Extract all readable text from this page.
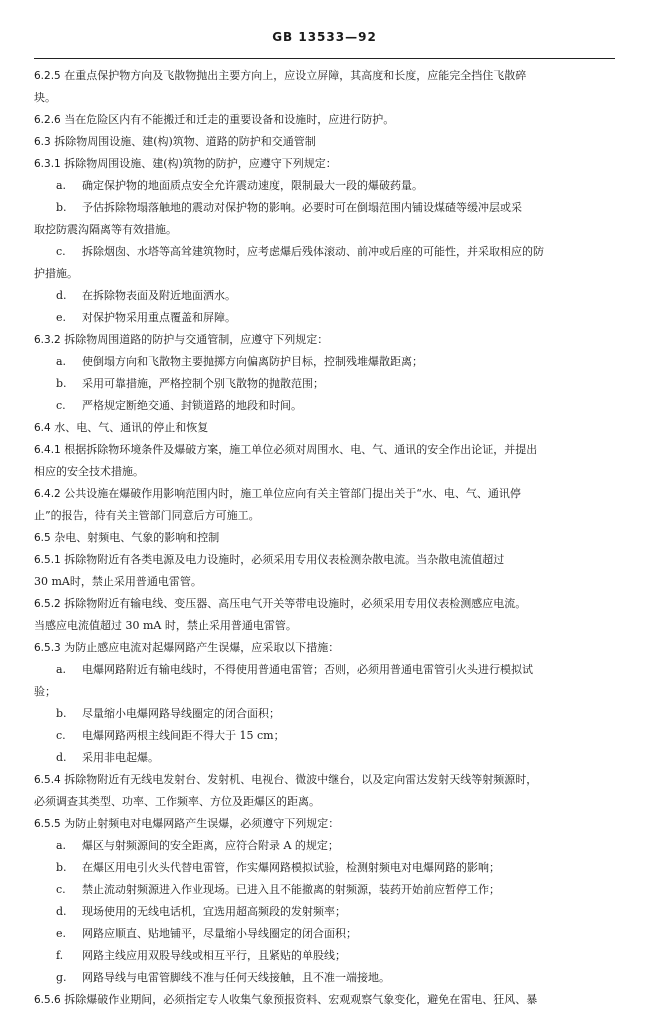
GB 13533—92

6.2.5 在重点保护物方向及飞散物抛出主要方向上，应设立屏障，其高度和长度，应能完全挡住飞散碎

块。

6.2.6 当在危险区内有不能搬迁和迁走的重要设备和设施时，应进行防护。

6.3 拆除物周围设施、建(构)筑物、道路的防护和交通管制

6.3.1 拆除物周围设施、建(构)筑物的防护，应遵守下列规定：

a. 确定保护物的地面质点安全允许震动速度，限制最大一段的爆破药量。

b. 予估拆除物塌落触地的震动对保护物的影响。必要时可在倒塌范围内铺设煤碴等缓冲层或采

取挖防震沟隔离等有效措施。

c. 拆除烟囱、水塔等高耸建筑物时，应考虑爆后残体滚动、前冲或后座的可能性，并采取相应的防

护措施。

d. 在拆除物表面及附近地面洒水。

e. 对保护物采用重点覆盖和屏障。

6.3.2 拆除物周围道路的防护与交通管制，应遵守下列规定：

a. 使倒塌方向和飞散物主要抛掷方向偏离防护目标，控制残堆爆散距离；

b. 采用可靠措施，严格控制个别飞散物的抛散范围；

c. 严格规定断绝交通、封锁道路的地段和时间。

6.4 水、电、气、通讯的停止和恢复

6.4.1 根据拆除物环境条件及爆破方案，施工单位必须对周围水、电、气、通讯的安全作出论证，并提出

相应的安全技术措施。

6.4.2 公共设施在爆破作用影响范围内时，施工单位应向有关主管部门提出关于“水、电、气、通讯停

止”的报告，待有关主管部门同意后方可施工。

6.5 杂电、射频电、气象的影响和控制

6.5.1 拆除物附近有各类电源及电力设施时，必须采用专用仪表检测杂散电流。当杂散电流值超过

30 mA时，禁止采用普通电雷管。

6.5.2 拆除物附近有输电线、变压器、高压电气开关等带电设施时，必须采用专用仪表检测感应电流。

当感应电流值超过 30 mA 时，禁止采用普通电雷管。

6.5.3 为防止感应电流对起爆网路产生误爆，应采取以下措施：

a. 电爆网路附近有输电线时，不得使用普通电雷管；否则，必须用普通电雷管引火头进行模拟试

验；

b. 尽量缩小电爆网路导线圈定的闭合面积；

c. 电爆网路两根主线间距不得大于 15 cm；

d. 采用非电起爆。

6.5.4 拆除物附近有无线电发射台、发射机、电视台、微波中继台，以及定向雷达发射天线等射频源时，

必须调查其类型、功率、工作频率、方位及距爆区的距离。

6.5.5 为防止射频电对电爆网路产生误爆，必须遵守下列规定：

a. 爆区与射频源间的安全距离，应符合附录 A 的规定；

b. 在爆区用电引火头代替电雷管，作实爆网路模拟试验，检测射频电对电爆网路的影响；

c. 禁止流动射频源进入作业现场。已进入且不能撤离的射频源，装药开始前应暂停工作；

d. 现场使用的无线电话机，宜选用超高频段的发射频率；

e. 网路应顺直、贴地铺平，尽量缩小导线圈定的闭合面积；

f. 网路主线应用双股导线或相互平行，且紧贴的单股线；

g. 网路导线与电雷管脚线不准与任何天线接触，且不准一端接地。

6.5.6 拆除爆破作业期间，必须指定专人收集气象预报资料、宏观观察气象变化，避免在雷电、狂风、暴
